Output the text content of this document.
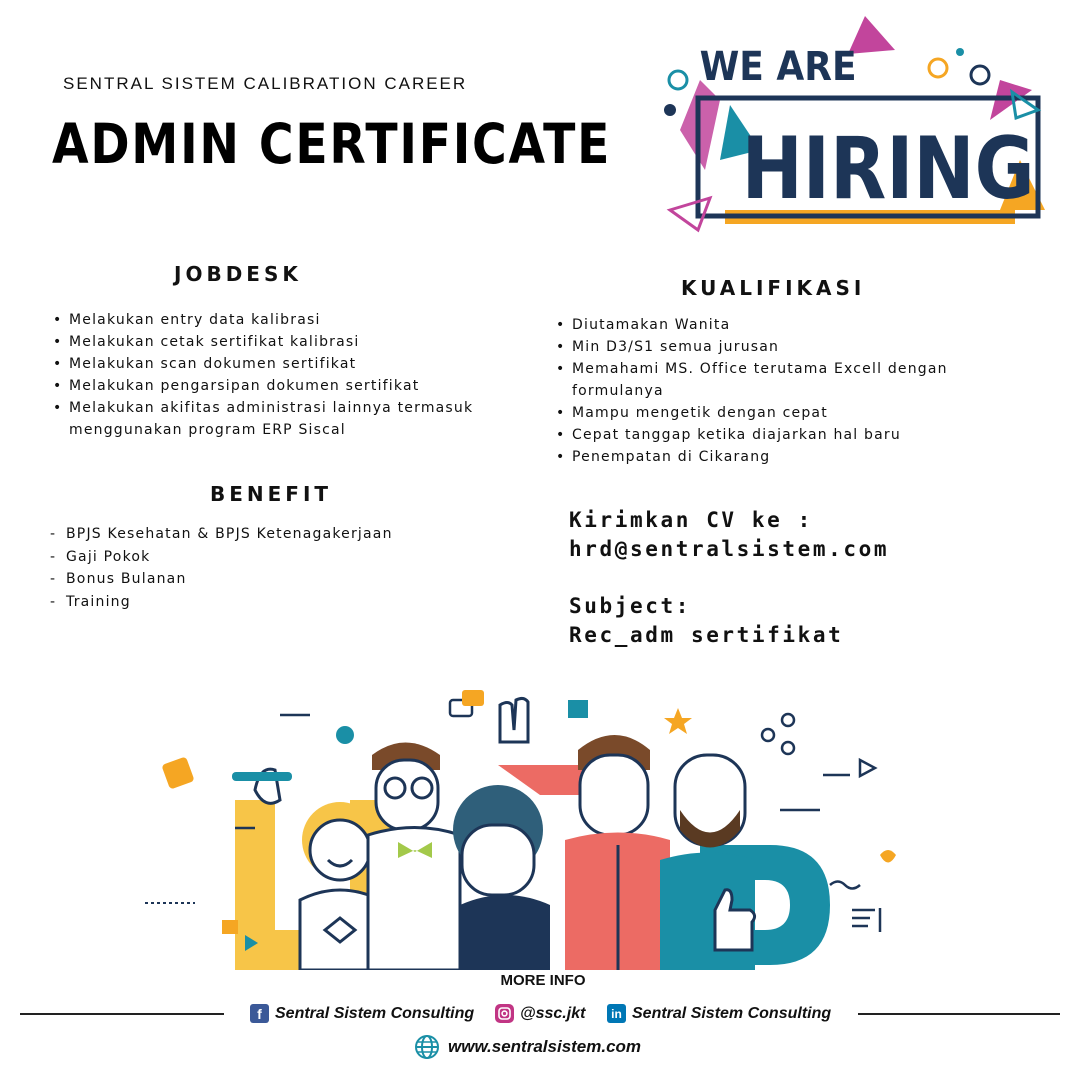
SENTRAL SISTEM CALIBRATION CAREER
ADMIN CERTIFICATE
WE ARE
HIRING
JOBDESK
• Melakukan entry data kalibrasi
• Melakukan cetak sertifikat kalibrasi
• Melakukan scan dokumen sertifikat
• Melakukan pengarsipan dokumen sertifikat
• Melakukan akifitas administrasi lainnya termasuk menggunakan program ERP Siscal
BENEFIT
- BPJS Kesehatan & BPJS Ketenagakerjaan
- Gaji Pokok
- Bonus Bulanan
- Training
KUALIFIKASI
• Diutamakan Wanita
• Min D3/S1 semua jurusan
• Memahami MS. Office terutama Excell dengan formulanya
• Mampu mengetik dengan cepat
• Cepat tanggap ketika diajarkan hal baru
• Penempatan di Cikarang
Kirimkan CV ke :
hrd@sentralsistem.com
Subject:
Rec_adm sertifikat
MORE INFO
f Sentral Sistem Consulting	@ssc.jkt	in Sentral Sistem Consulting
www.sentralsistem.com
